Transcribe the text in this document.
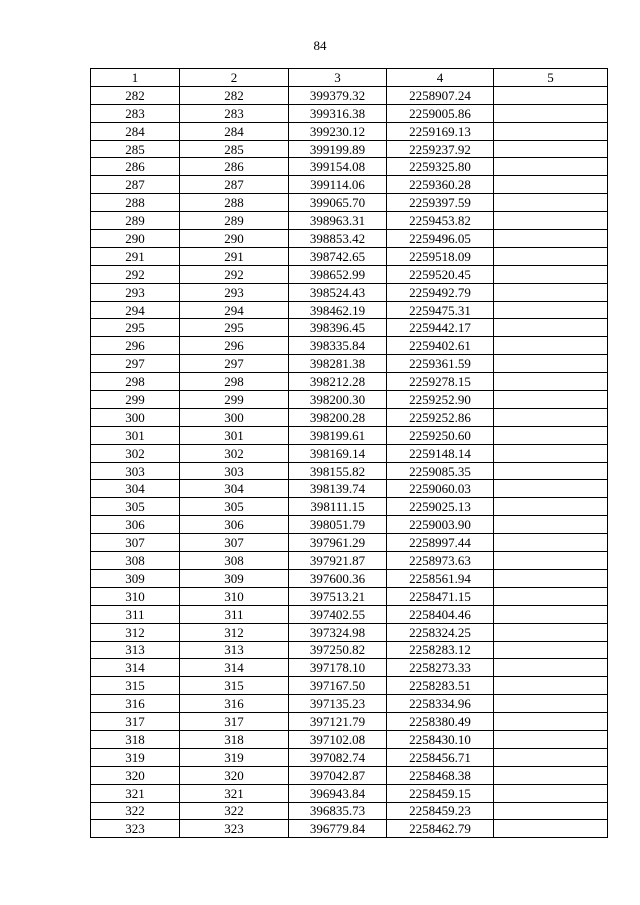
84
1	2	3	4	5
282	282	399379.32	2258907.24	
283	283	399316.38	2259005.86	
284	284	399230.12	2259169.13	
285	285	399199.89	2259237.92	
286	286	399154.08	2259325.80	
287	287	399114.06	2259360.28	
288	288	399065.70	2259397.59	
289	289	398963.31	2259453.82	
290	290	398853.42	2259496.05	
291	291	398742.65	2259518.09	
292	292	398652.99	2259520.45	
293	293	398524.43	2259492.79	
294	294	398462.19	2259475.31	
295	295	398396.45	2259442.17	
296	296	398335.84	2259402.61	
297	297	398281.38	2259361.59	
298	298	398212.28	2259278.15	
299	299	398200.30	2259252.90	
300	300	398200.28	2259252.86	
301	301	398199.61	2259250.60	
302	302	398169.14	2259148.14	
303	303	398155.82	2259085.35	
304	304	398139.74	2259060.03	
305	305	398111.15	2259025.13	
306	306	398051.79	2259003.90	
307	307	397961.29	2258997.44	
308	308	397921.87	2258973.63	
309	309	397600.36	2258561.94	
310	310	397513.21	2258471.15	
311	311	397402.55	2258404.46	
312	312	397324.98	2258324.25	
313	313	397250.82	2258283.12	
314	314	397178.10	2258273.33	
315	315	397167.50	2258283.51	
316	316	397135.23	2258334.96	
317	317	397121.79	2258380.49	
318	318	397102.08	2258430.10	
319	319	397082.74	2258456.71	
320	320	397042.87	2258468.38	
321	321	396943.84	2258459.15	
322	322	396835.73	2258459.23	
323	323	396779.84	2258462.79	
